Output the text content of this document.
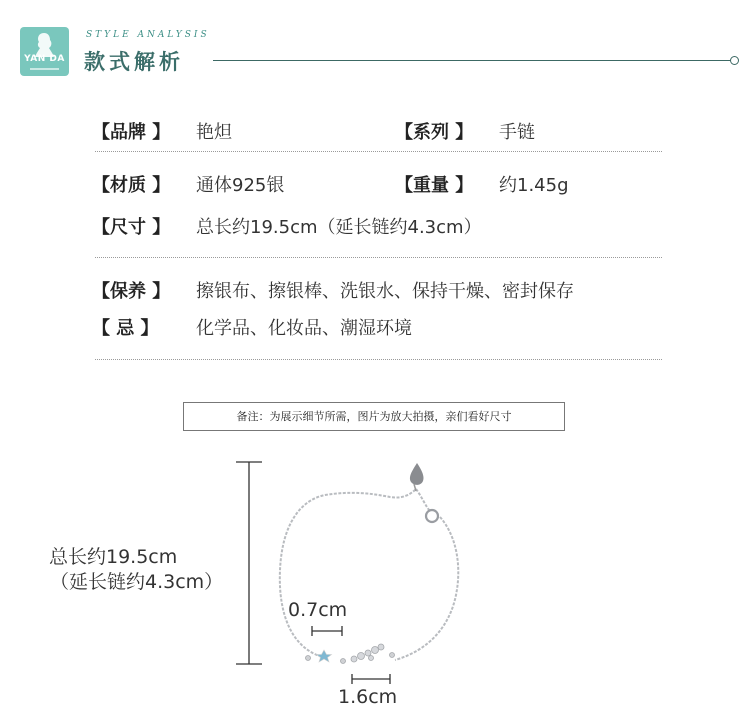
YAN DA
STYLE ANALYSIS
款式解析
【品牌 】 艳炟	【系列 】 手链
【材质 】 通体925银	【重量 】 约1.45g
【尺寸 】 总长约19.5cm（延长链约4.3cm）
【保养 】 擦银布、擦银棒、洗银水、保持干燥、密封保存
【 忌 】 化学品、化妆品、潮湿环境
备注：为展示细节所需，图片为放大拍摄，亲们看好尺寸
总长约19.5cm
（延长链约4.3cm）
0.7cm
1.6cm
